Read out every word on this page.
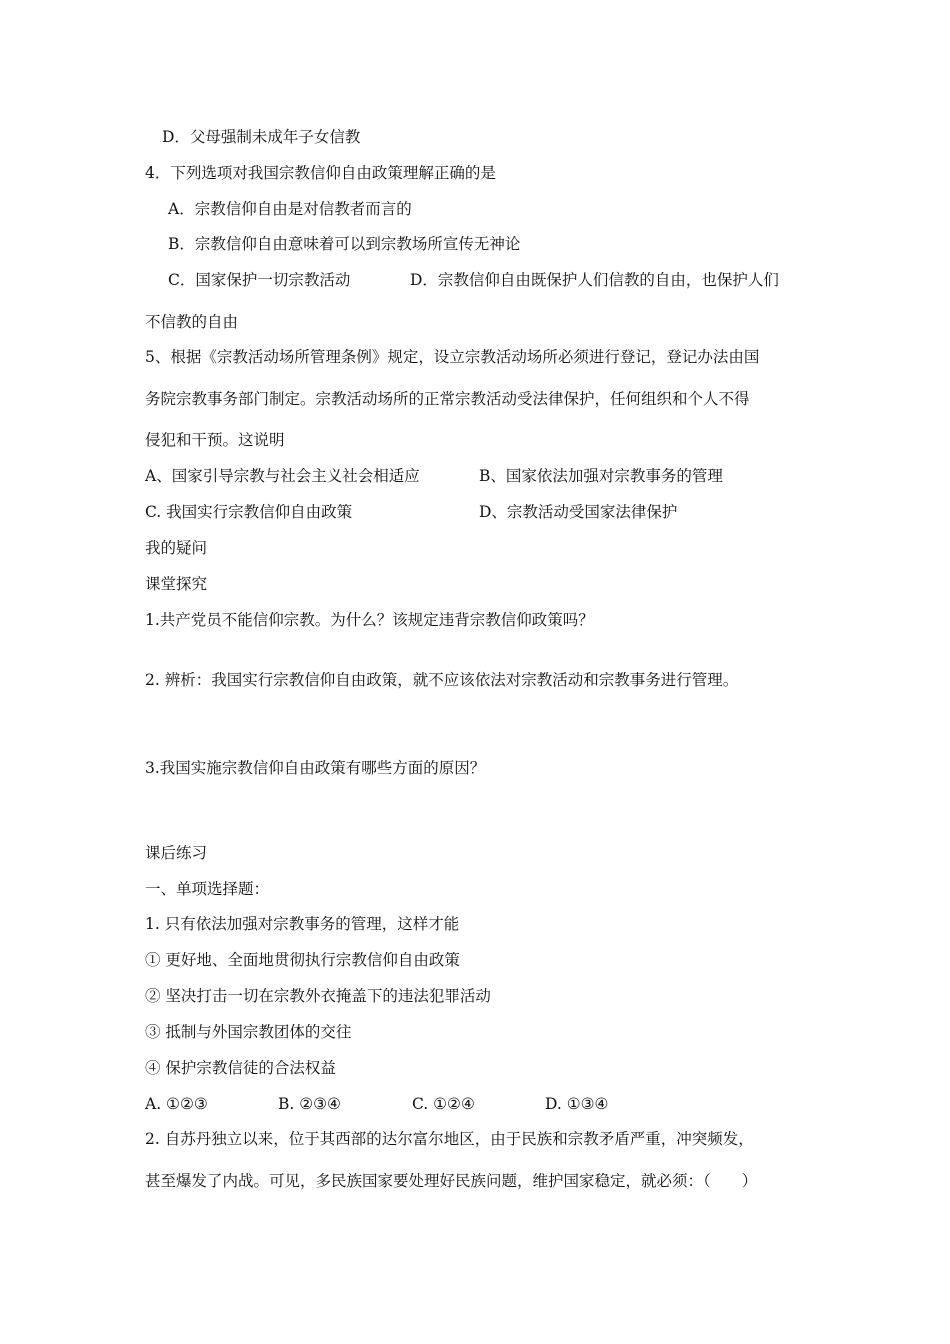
D．父母强制未成年子女信教
4．下列选项对我国宗教信仰自由政策理解正确的是
A．宗教信仰自由是对信教者而言的
B．宗教信仰自由意味着可以到宗教场所宣传无神论
C．国家保护一切宗教活动	D．宗教信仰自由既保护人们信教的自由，也保护人们
不信教的自由
5、根据《宗教活动场所管理条例》规定，设立宗教活动场所必须进行登记，登记办法由国
务院宗教事务部门制定。宗教活动场所的正常宗教活动受法律保护，任何组织和个人不得
侵犯和干预。这说明
A、国家引导宗教与社会主义社会相适应	B、国家依法加强对宗教事务的管理
C. 我国实行宗教信仰自由政策	D、宗教活动受国家法律保护
我的疑问
课堂探究
1.共产党员不能信仰宗教。为什么？该规定违背宗教信仰政策吗？
2. 辨析：我国实行宗教信仰自由政策，就不应该依法对宗教活动和宗教事务进行管理。
3.我国实施宗教信仰自由政策有哪些方面的原因？
课后练习
一、单项选择题：
1. 只有依法加强对宗教事务的管理，这样才能
① 更好地、全面地贯彻执行宗教信仰自由政策
② 坚决打击一切在宗教外衣掩盖下的违法犯罪活动
③ 抵制与外国宗教团体的交往
④ 保护宗教信徒的合法权益
A. ①②③	B. ②③④	C. ①②④	D. ①③④
2. 自苏丹独立以来，位于其西部的达尔富尔地区，由于民族和宗教矛盾严重，冲突频发，
甚至爆发了内战。可见，多民族国家要处理好民族问题，维护国家稳定，就必须：（　　）
